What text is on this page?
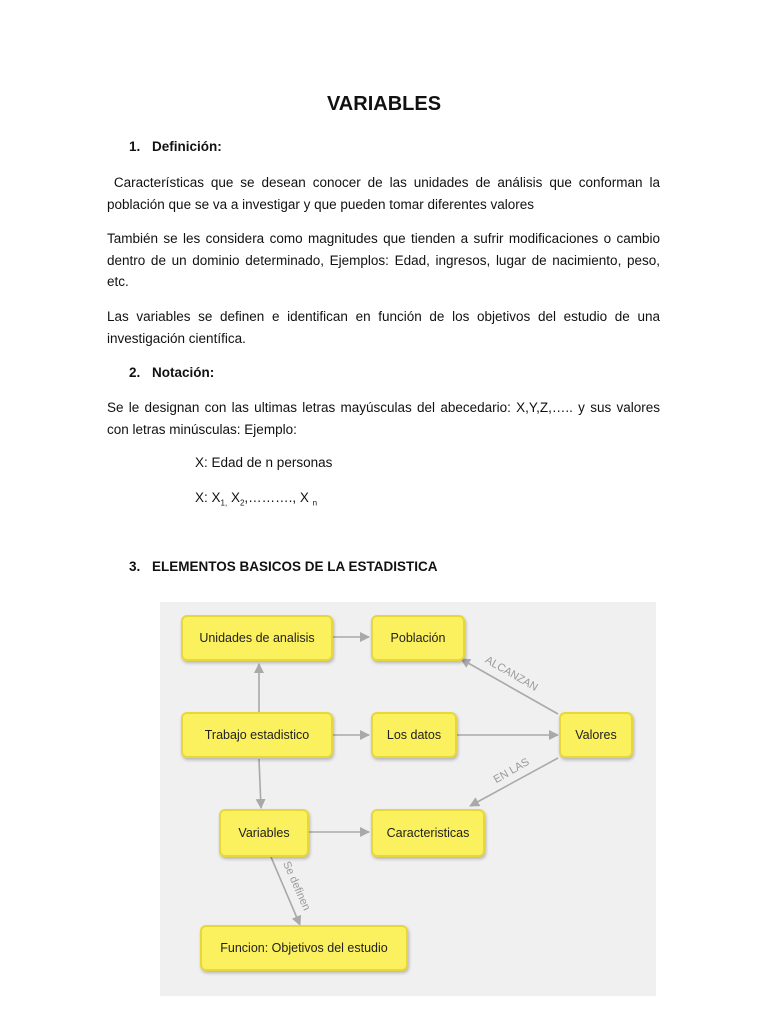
VARIABLES
1. Definición:
Características que se desean conocer de las unidades de análisis que conforman la población que se va a investigar y que pueden tomar diferentes valores
También se les considera como magnitudes que tienden a sufrir modificaciones o cambio dentro de un dominio determinado, Ejemplos: Edad, ingresos, lugar de nacimiento, peso, etc.
Las variables se definen e identifican en función de los objetivos del estudio de una investigación científica.
2. Notación:
Se le designan con las ultimas letras mayúsculas del abecedario: X,Y,Z,….. y sus valores con letras minúsculas: Ejemplo:
X: Edad de n personas
X: $X_{1,}$ $X_2,\dots\dots\dots$., X $_n$
3. ELEMENTOS BASICOS DE LA ESTADISTICA
Unidades de analisis	Población
Trabajo estadistico	Los datos	Valores
Variables	Caracteristicas
Funcion: Objetivos del estudio
ALCANZAN
EN LAS
Se definen
